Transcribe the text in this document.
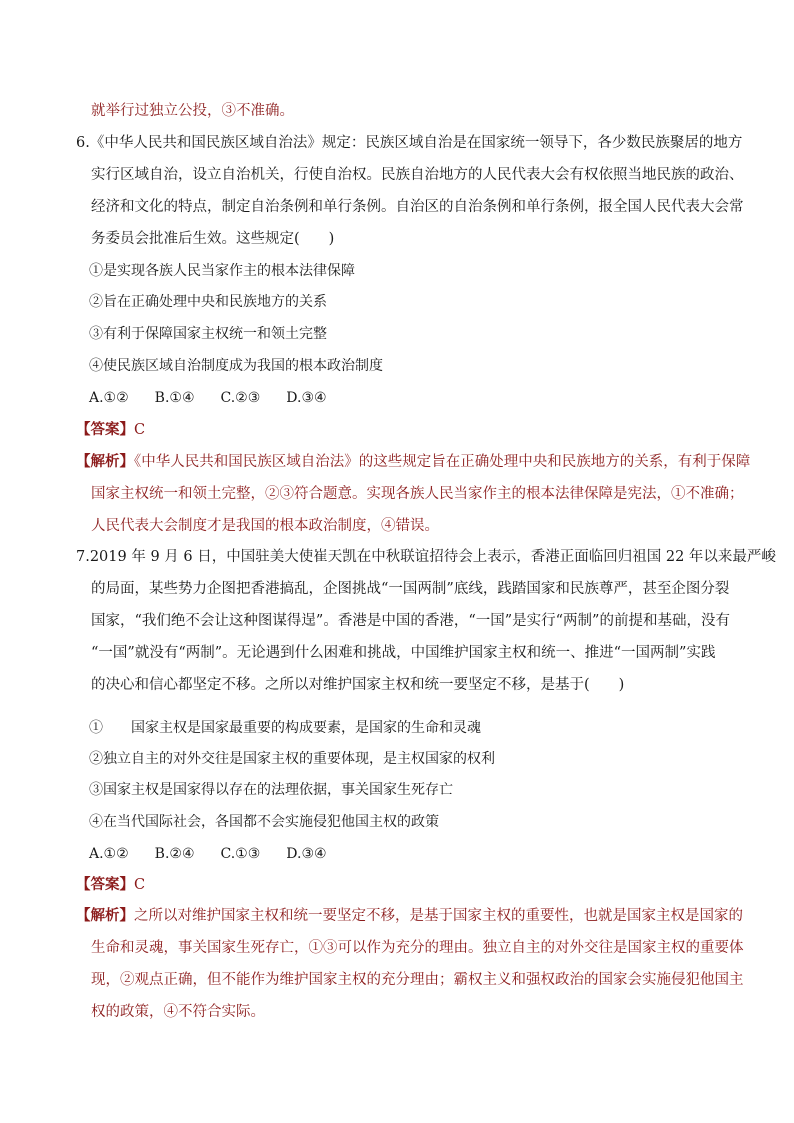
就举行过独立公投，③不准确。
6.《中华人民共和国民族区域自治法》规定：民族区域自治是在国家统一领导下，各少数民族聚居的地方
实行区域自治，设立自治机关，行使自治权。民族自治地方的人民代表大会有权依照当地民族的政治、
经济和文化的特点，制定自治条例和单行条例。自治区的自治条例和单行条例，报全国人民代表大会常
务委员会批准后生效。这些规定(　　)
①是实现各族人民当家作主的根本法律保障
②旨在正确处理中央和民族地方的关系
③有利于保障国家主权统一和领土完整
④使民族区域自治制度成为我国的根本政治制度
A.①② B.①④ C.②③ D.③④
【答案】C
【解析】《中华人民共和国民族区域自治法》的这些规定旨在正确处理中央和民族地方的关系，有利于保障
国家主权统一和领土完整，②③符合题意。实现各族人民当家作主的根本法律保障是宪法，①不准确；
人民代表大会制度才是我国的根本政治制度，④错误。
7.2019 年 9 月 6 日，中国驻美大使崔天凯在中秋联谊招待会上表示，香港正面临回归祖国 22 年以来最严峻
的局面，某些势力企图把香港搞乱，企图挑战“一国两制”底线，践踏国家和民族尊严，甚至企图分裂
国家，“我们绝不会让这种图谋得逞”。香港是中国的香港，“一国”是实行“两制”的前提和基础，没有
“一国”就没有“两制”。无论遇到什么困难和挑战，中国维护国家主权和统一、推进“一国两制”实践
的决心和信心都坚定不移。之所以对维护国家主权和统一要坚定不移，是基于(　　)
①　　国家主权是国家最重要的构成要素，是国家的生命和灵魂
②独立自主的对外交往是国家主权的重要体现，是主权国家的权利
③国家主权是国家得以存在的法理依据，事关国家生死存亡
④在当代国际社会，各国都不会实施侵犯他国主权的政策
A.①② B.②④ C.①③ D.③④
【答案】C
【解析】之所以对维护国家主权和统一要坚定不移，是基于国家主权的重要性，也就是国家主权是国家的
生命和灵魂，事关国家生死存亡，①③可以作为充分的理由。独立自主的对外交往是国家主权的重要体
现，②观点正确，但不能作为维护国家主权的充分理由；霸权主义和强权政治的国家会实施侵犯他国主
权的政策，④不符合实际。
